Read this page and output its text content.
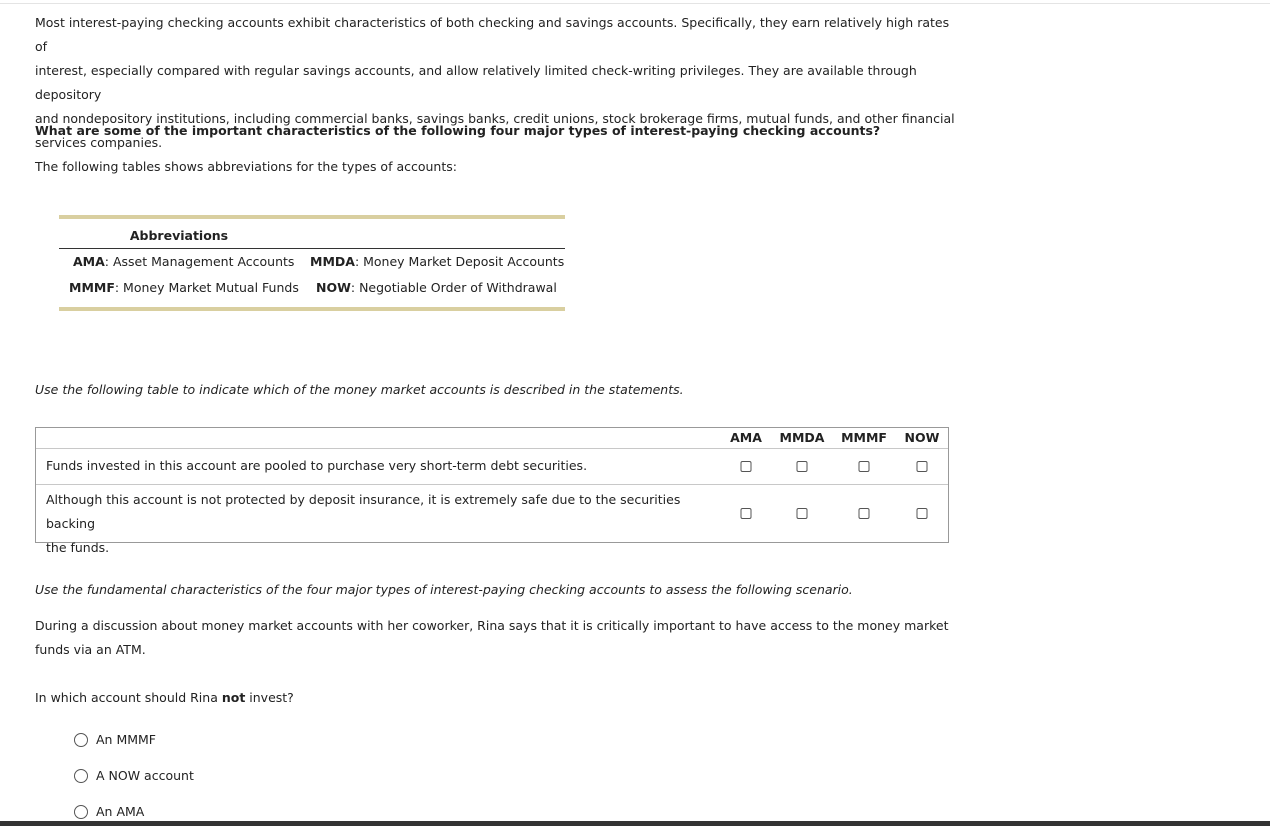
Most interest-paying checking accounts exhibit characteristics of both checking and savings accounts. Specifically, they earn relatively high rates of
interest, especially compared with regular savings accounts, and allow relatively limited check-writing privileges. They are available through depository
and nondepository institutions, including commercial banks, savings banks, credit unions, stock brokerage firms, mutual funds, and other financial
services companies.

What are some of the important characteristics of the following four major types of interest-paying checking accounts?

The following tables shows abbreviations for the types of accounts:

Abbreviations
AMA: Asset Management Accounts MMDA: Money Market Deposit Accounts
MMMF: Money Market Mutual Funds NOW: Negotiable Order of Withdrawal

Use the following table to indicate which of the money market accounts is described in the statements.

AMA MMDA MMMF NOW
Funds invested in this account are pooled to purchase very short-term debt securities.
Although this account is not protected by deposit insurance, it is extremely safe due to the securities backing
the funds.

Use the fundamental characteristics of the four major types of interest-paying checking accounts to assess the following scenario.

During a discussion about money market accounts with her coworker, Rina says that it is critically important to have access to the money market
funds via an ATM.

In which account should Rina not invest?

An MMMF
A NOW account
An AMA
